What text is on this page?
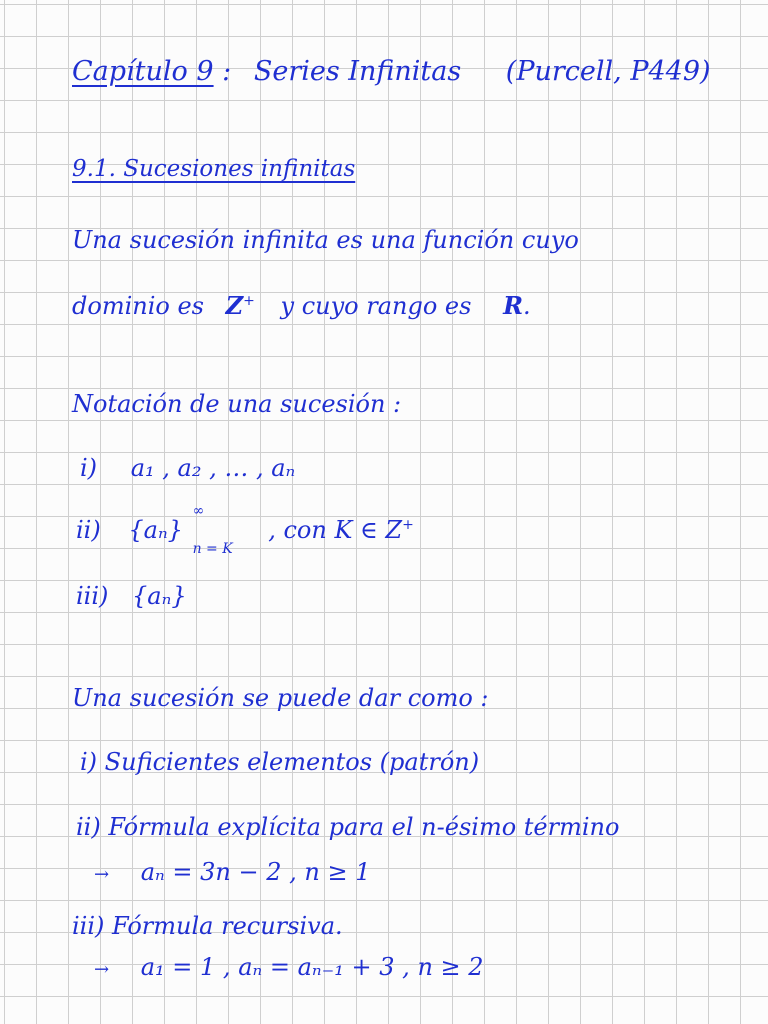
Capítulo 9 : Series Infinitas (Purcell, P449)
9.1. Sucesiones infinitas
Una sucesión infinita es una función cuyo
dominio es Z+ y cuyo rango es R.
Notación de una sucesión :
i) a₁ , a₂ , … , aₙ
ii) {aₙ}
∞
n = K
, con K ∈ Z+
iii) {aₙ}
Una sucesión se puede dar como :
i) Suficientes elementos (patrón)
ii) Fórmula explícita para el n-ésimo término
→ aₙ = 3n − 2 , n ≥ 1
iii) Fórmula recursiva.
→ a₁ = 1 , aₙ = aₙ₋₁ + 3 , n ≥ 2
